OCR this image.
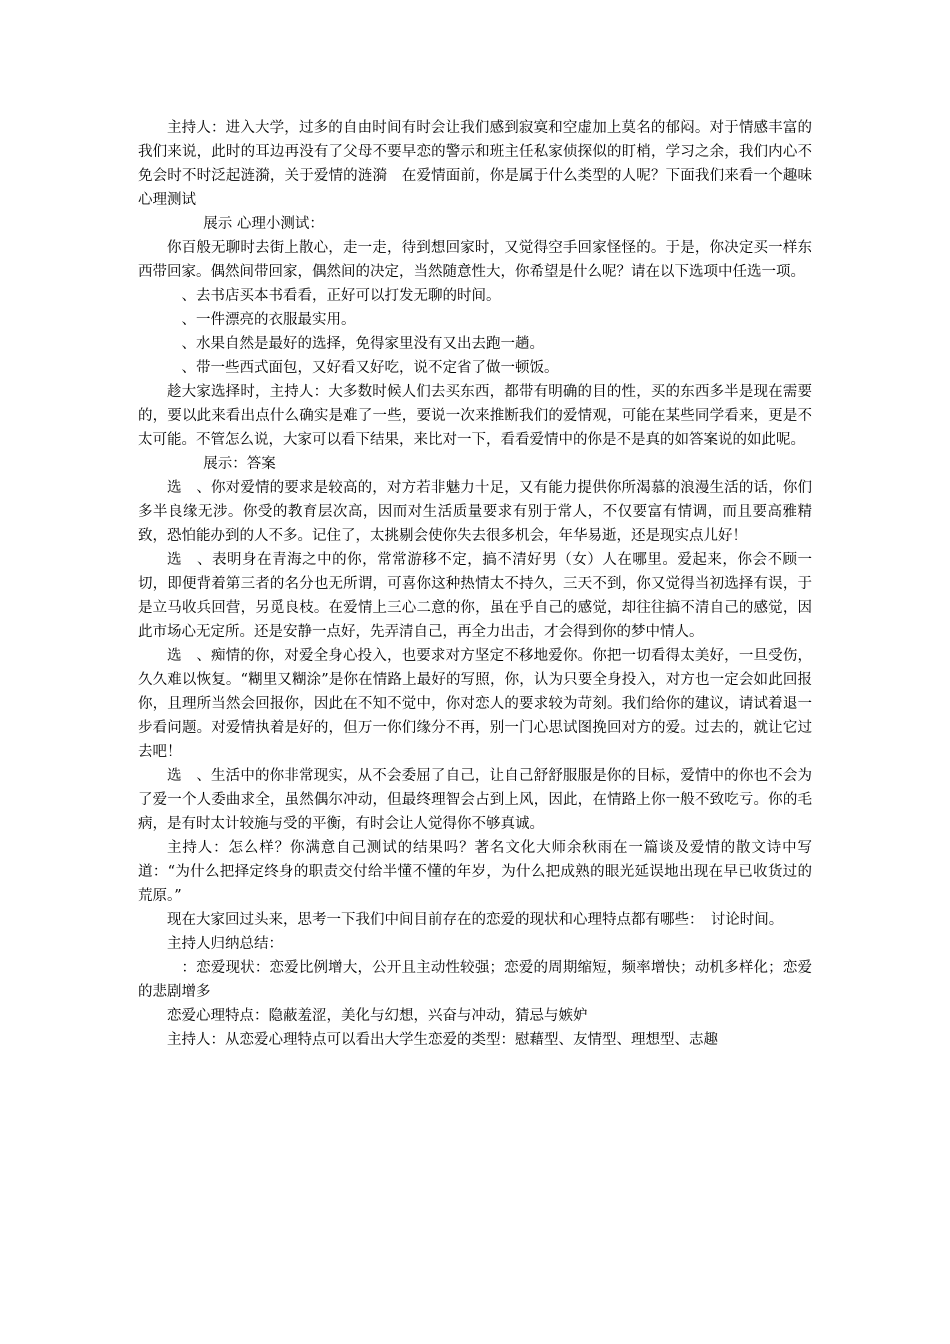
主持人：进入大学，过多的自由时间有时会让我们感到寂寞和空虚加上莫名的郁闷。对于情感丰富的我们来说，此时的耳边再没有了父母不要早恋的警示和班主任私家侦探似的盯梢，学习之余，我们内心不免会时不时泛起涟漪，关于爱情的涟漪　在爱情面前，你是属于什么类型的人呢？下面我们来看一个趣味心理测试

展示 心理小测试：

你百般无聊时去街上散心，走一走，待到想回家时，又觉得空手回家怪怪的。于是，你决定买一样东西带回家。偶然间带回家，偶然间的决定，当然随意性大，你希望是什么呢？请在以下选项中任选一项。

、去书店买本书看看，正好可以打发无聊的时间。

、一件漂亮的衣服最实用。

、水果自然是最好的选择，免得家里没有又出去跑一趟。

、带一些西式面包，又好看又好吃，说不定省了做一顿饭。

趁大家选择时，主持人：大多数时候人们去买东西，都带有明确的目的性，买的东西多半是现在需要的，要以此来看出点什么确实是难了一些，要说一次来推断我们的爱情观，可能在某些同学看来，更是不太可能。不管怎么说，大家可以看下结果，来比对一下，看看爱情中的你是不是真的如答案说的如此呢。

展示：答案

选　、你对爱情的要求是较高的，对方若非魅力十足，又有能力提供你所渴慕的浪漫生活的话，你们多半良缘无涉。你受的教育层次高，因而对生活质量要求有别于常人，不仅要富有情调，而且要高雅精致，恐怕能办到的人不多。记住了，太挑剔会使你失去很多机会，年华易逝，还是现实点儿好！

选　、表明身在青海之中的你，常常游移不定，搞不清好男（女）人在哪里。爱起来，你会不顾一切，即便背着第三者的名分也无所谓，可喜你这种热情太不持久，三天不到，你又觉得当初选择有误，于是立马收兵回营，另觅良枝。在爱情上三心二意的你，虽在乎自己的感觉，却往往搞不清自己的感觉，因此市场心无定所。还是安静一点好，先弄清自己，再全力出击，才会得到你的梦中情人。

选　、痴情的你，对爱全身心投入，也要求对方坚定不移地爱你。你把一切看得太美好，一旦受伤，久久难以恢复。“糊里又糊涂”是你在情路上最好的写照，你，认为只要全身投入，对方也一定会如此回报你，且理所当然会回报你，因此在不知不觉中，你对恋人的要求较为苛刻。我们给你的建议，请试着退一步看问题。对爱情执着是好的，但万一你们缘分不再，别一门心思试图挽回对方的爱。过去的，就让它过去吧！

选　、生活中的你非常现实，从不会委屈了自己，让自己舒舒服服是你的目标，爱情中的你也不会为了爱一个人委曲求全，虽然偶尔冲动，但最终理智会占到上风，因此，在情路上你一般不致吃亏。你的毛病，是有时太计较施与受的平衡，有时会让人觉得你不够真诚。

主持人：怎么样？你满意自己测试的结果吗？著名文化大师余秋雨在一篇谈及爱情的散文诗中写道：“为什么把择定终身的职责交付给半懂不懂的年岁，为什么把成熟的眼光延误地出现在早已收货过的荒原。”

现在大家回过头来，思考一下我们中间目前存在的恋爱的现状和心理特点都有哪些：　讨论时间。

主持人归纳总结：

：恋爱现状：恋爱比例增大，公开且主动性较强；恋爱的周期缩短，频率增快；动机多样化；恋爱的悲剧增多

恋爱心理特点：隐蔽羞涩，美化与幻想，兴奋与冲动，猜忌与嫉妒

主持人：从恋爱心理特点可以看出大学生恋爱的类型：慰藉型、友情型、理想型、志趣
